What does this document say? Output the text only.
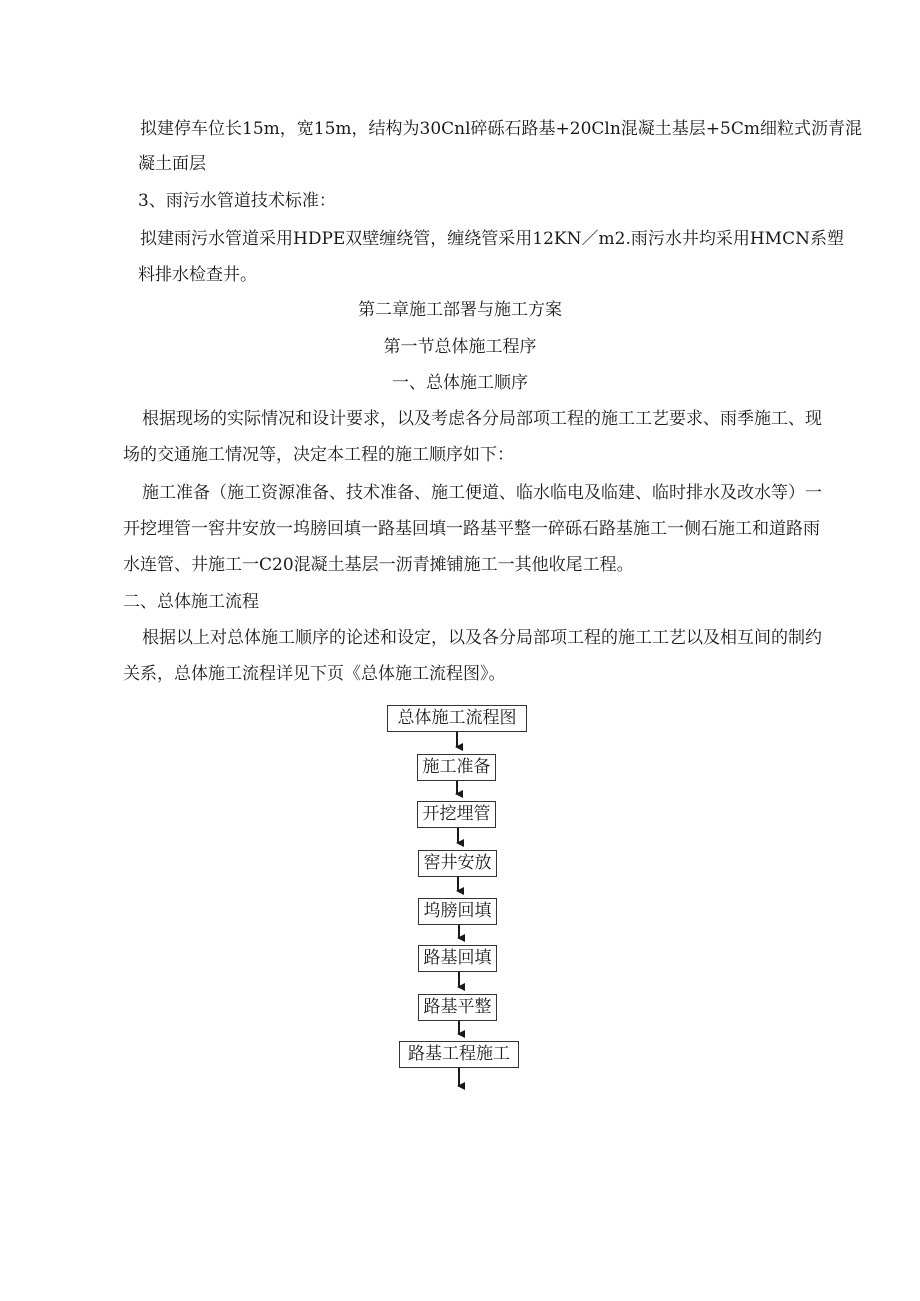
拟建停车位长15m，宽15m，结构为30Cnl碎砾石路基+20Cln混凝土基层+5Cm细粒式沥青混
凝土面层
3、雨污水管道技术标准：
拟建雨污水管道采用HDPE双壁缠绕管，缠绕管采用12KN／m2.雨污水井均采用HMCN系塑
料排水检查井。
第二章施工部署与施工方案
第一节总体施工程序
一、总体施工顺序
根据现场的实际情况和设计要求，以及考虑各分局部项工程的施工工艺要求、雨季施工、现
场的交通施工情况等，决定本工程的施工顺序如下：
施工准备（施工资源准备、技术准备、施工便道、临水临电及临建、临时排水及改水等）一
开挖埋管一窖井安放一坞膀回填一路基回填一路基平整一碎砾石路基施工一侧石施工和道路雨
水连管、井施工一C20混凝土基层一沥青摊铺施工一其他收尾工程。
二、总体施工流程
根据以上对总体施工顺序的论述和设定，以及各分局部项工程的施工工艺以及相互间的制约
关系，总体施工流程详见下页《总体施工流程图》。
总体施工流程图
施工准备
开挖埋管
窖井安放
坞膀回填
路基回填
路基平整
路基工程施工
